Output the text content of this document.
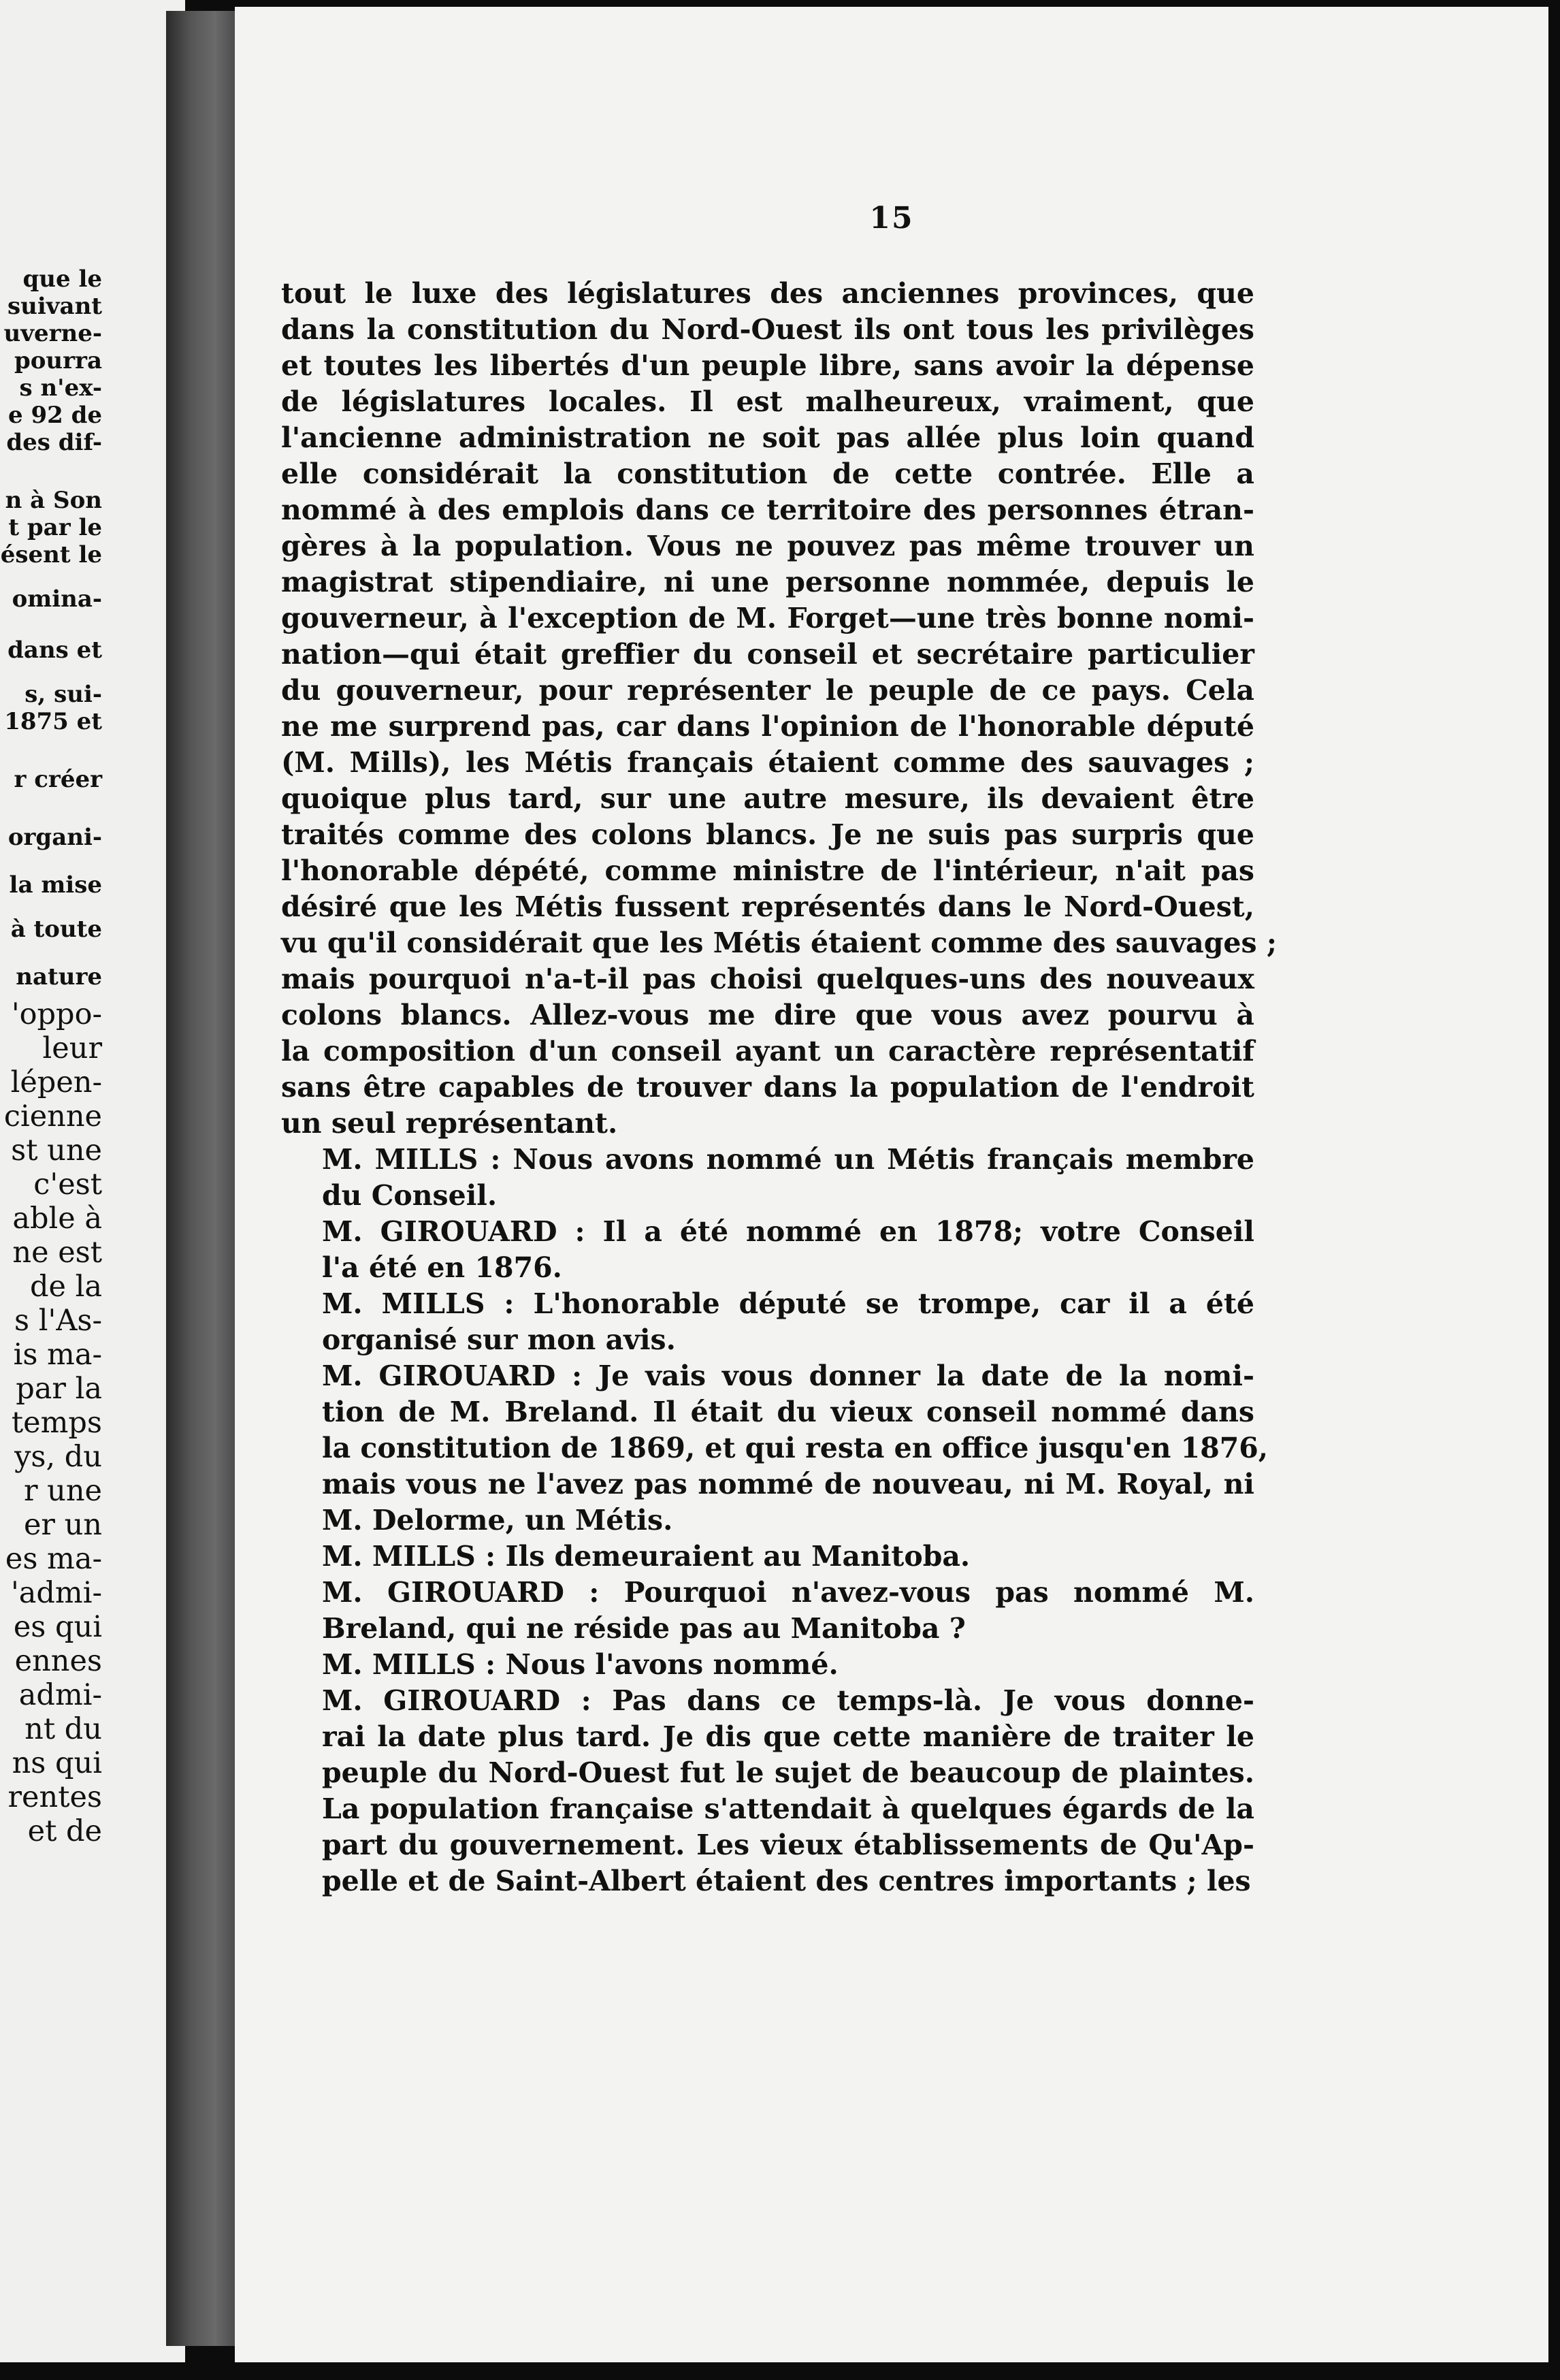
que le
suivant
uverne-
pourra
s n'ex-
e 92 de
des dif-
n à Son
t par le
ésent le
omina-
dans et
s, sui-
1875 et
r créer
organi-
la mise
à toute
nature
'oppo-
leur
lépen-
cienne
st une
c'est
able à
ne est
de la
s l'As-
is ma-
par la
temps
ys, du
r une
er un
es ma-
'admi-
es qui
ennes
admi-
nt du
ns qui
rentes
et de
15

tout le luxe des législatures des anciennes provinces, que
dans la constitution du Nord-Ouest ils ont tous les privilèges
et toutes les libertés d'un peuple libre, sans avoir la dépense
de législatures locales. Il est malheureux, vraiment, que
l'ancienne administration ne soit pas allée plus loin quand
elle considérait la constitution de cette contrée. Elle a
nommé à des emplois dans ce territoire des personnes étran-
gères à la population. Vous ne pouvez pas même trouver un
magistrat stipendiaire, ni une personne nommée, depuis le
gouverneur, à l'exception de M. Forget—une très bonne nomi-
nation—qui était greffier du conseil et secrétaire particulier
du gouverneur, pour représenter le peuple de ce pays. Cela
ne me surprend pas, car dans l'opinion de l'honorable député
(M. Mills), les Métis français étaient comme des sauvages ;
quoique plus tard, sur une autre mesure, ils devaient être
traités comme des colons blancs. Je ne suis pas surpris que
l'honorable dépété, comme ministre de l'intérieur, n'ait pas
désiré que les Métis fussent représentés dans le Nord-Ouest,
vu qu'il considérait que les Métis étaient comme des sauvages ;
mais pourquoi n'a-t-il pas choisi quelques-uns des nouveaux
colons blancs. Allez-vous me dire que vous avez pourvu à
la composition d'un conseil ayant un caractère représentatif
sans être capables de trouver dans la population de l'endroit
un seul représentant.

M. MILLS : Nous avons nommé un Métis français membre
du Conseil.

M. GIROUARD : Il a été nommé en 1878; votre Conseil
l'a été en 1876.

M. MILLS : L'honorable député se trompe, car il a été
organisé sur mon avis.

M. GIROUARD : Je vais vous donner la date de la nomi-
tion de M. Breland. Il était du vieux conseil nommé dans
la constitution de 1869, et qui resta en office jusqu'en 1876,
mais vous ne l'avez pas nommé de nouveau, ni M. Royal, ni
M. Delorme, un Métis.

M. MILLS : Ils demeuraient au Manitoba.

M. GIROUARD : Pourquoi n'avez-vous pas nommé M.
Breland, qui ne réside pas au Manitoba ?

M. MILLS : Nous l'avons nommé.

M. GIROUARD : Pas dans ce temps-là. Je vous donne-
rai la date plus tard. Je dis que cette manière de traiter le
peuple du Nord-Ouest fut le sujet de beaucoup de plaintes.
La population française s'attendait à quelques égards de la
part du gouvernement. Les vieux établissements de Qu'Ap-
pelle et de Saint-Albert étaient des centres importants ; les
